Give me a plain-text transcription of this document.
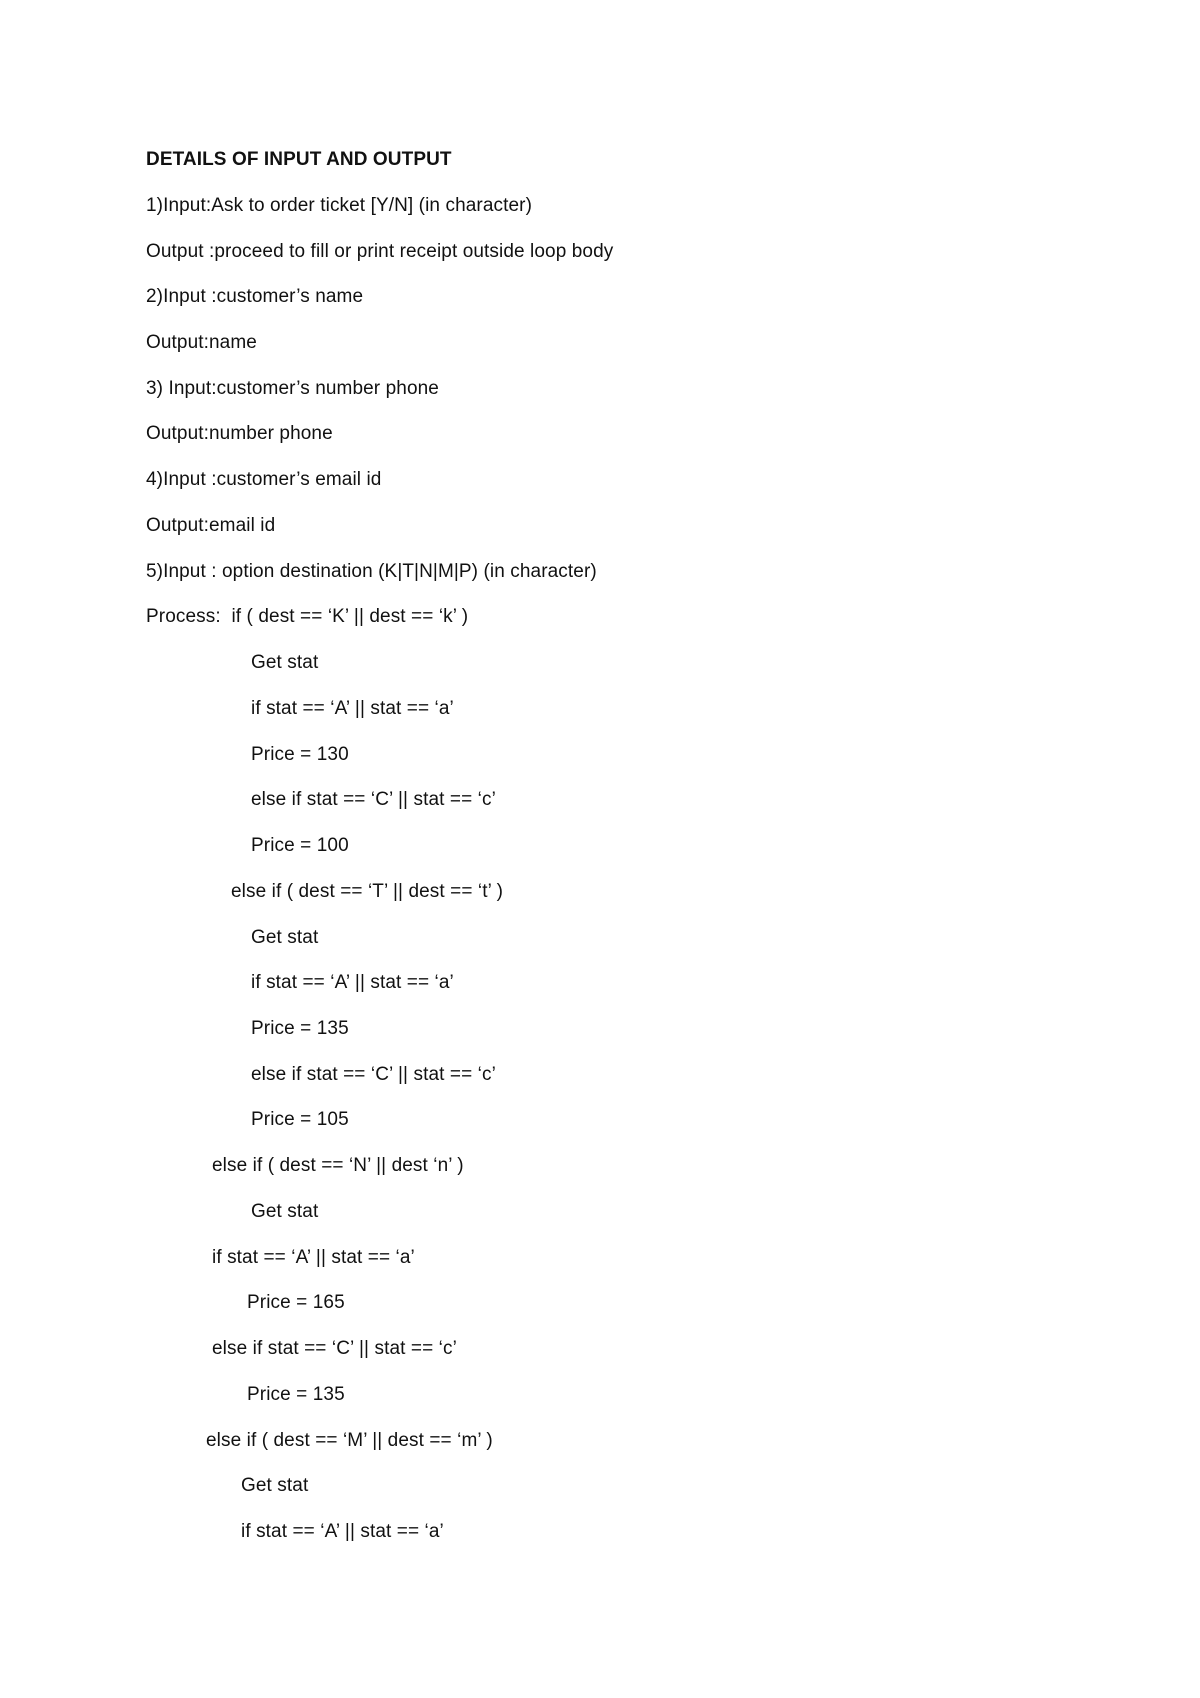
DETAILS OF INPUT AND OUTPUT
1)Input:Ask to order ticket [Y/N] (in character)
Output :proceed to fill or print receipt outside loop body
2)Input :customer’s name
Output:name
3) Input:customer’s number phone
Output:number phone
4)Input :customer’s email id
Output:email id
5)Input : option destination (K|T|N|M|P) (in character)
Process:  if ( dest == ‘K’ || dest == ‘k’ )
Get stat
if stat == ‘A’ || stat == ‘a’
Price = 130
else if stat == ‘C’ || stat == ‘c’
Price = 100
else if ( dest == ‘T’ || dest == ‘t’ )
Get stat
if stat == ‘A’ || stat == ‘a’
Price = 135
else if stat == ‘C’ || stat == ‘c’
Price = 105
else if ( dest == ‘N’ || dest ‘n’ )
Get stat
if stat == ‘A’ || stat == ‘a’
Price = 165
else if stat == ‘C’ || stat == ‘c’
Price = 135
else if ( dest == ‘M’ || dest == ‘m’ )
Get stat
if stat == ‘A’ || stat == ‘a’
